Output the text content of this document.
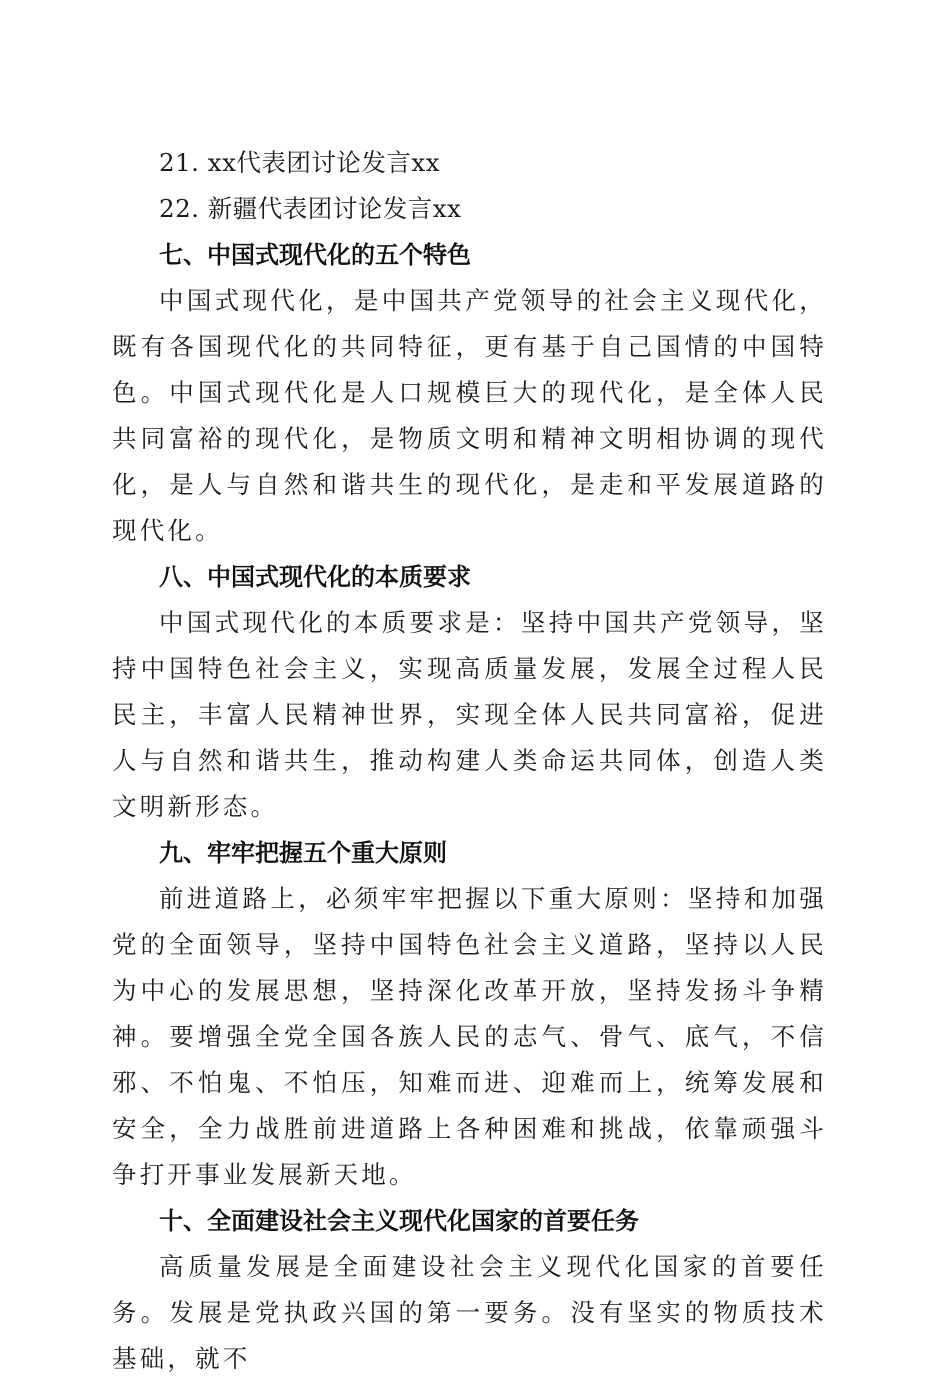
21. xx代表团讨论发言xx

22. 新疆代表团讨论发言xx

七、中国式现代化的五个特色

中国式现代化，是中国共产党领导的社会主义现代化，既有各国现代化的共同特征，更有基于自己国情的中国特色。中国式现代化是人口规模巨大的现代化，是全体人民共同富裕的现代化，是物质文明和精神文明相协调的现代化，是人与自然和谐共生的现代化，是走和平发展道路的现代化。

八、中国式现代化的本质要求

中国式现代化的本质要求是：坚持中国共产党领导，坚持中国特色社会主义，实现高质量发展，发展全过程人民民主，丰富人民精神世界，实现全体人民共同富裕，促进人与自然和谐共生，推动构建人类命运共同体，创造人类文明新形态。

九、牢牢把握五个重大原则

前进道路上，必须牢牢把握以下重大原则：坚持和加强党的全面领导，坚持中国特色社会主义道路，坚持以人民为中心的发展思想，坚持深化改革开放，坚持发扬斗争精神。要增强全党全国各族人民的志气、骨气、底气，不信邪、不怕鬼、不怕压，知难而进、迎难而上，统筹发展和安全，全力战胜前进道路上各种困难和挑战，依靠顽强斗争打开事业发展新天地。

十、全面建设社会主义现代化国家的首要任务

高质量发展是全面建设社会主义现代化国家的首要任务。发展是党执政兴国的第一要务。没有坚实的物质技术基础，就不
